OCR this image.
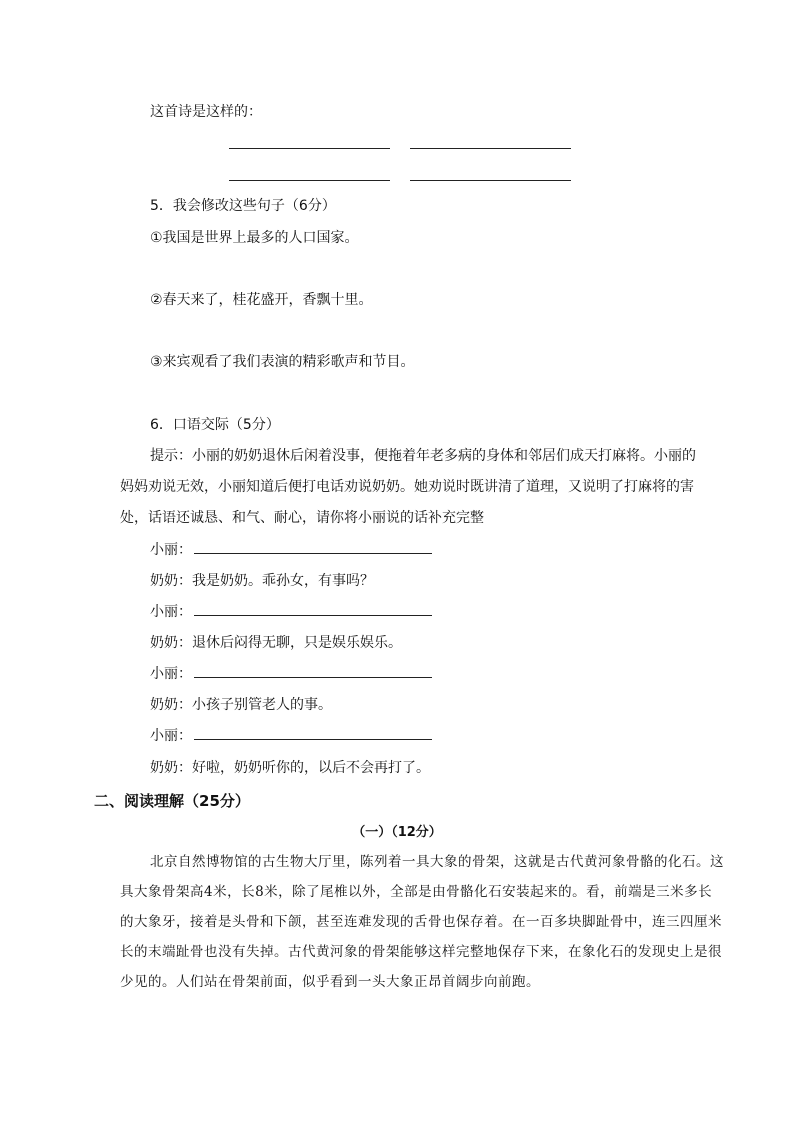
这首诗是这样的：
5．我会修改这些句子（6分）
①我国是世界上最多的人口国家。
②春天来了，桂花盛开，香飘十里。
③来宾观看了我们表演的精彩歌声和节目。
6．口语交际（5分）
提示：小丽的奶奶退休后闲着没事，便拖着年老多病的身体和邻居们成天打麻将。小丽的
妈妈劝说无效，小丽知道后便打电话劝说奶奶。她劝说时既讲清了道理，又说明了打麻将的害
处，话语还诚恳、和气、耐心，请你将小丽说的话补充完整
小丽：
奶奶：我是奶奶。乖孙女，有事吗？
小丽：
奶奶：退休后闷得无聊，只是娱乐娱乐。
小丽：
奶奶：小孩子别管老人的事。
小丽：
奶奶：好啦，奶奶听你的，以后不会再打了。
二、阅读理解（25分）
（一）（12分）
北京自然博物馆的古生物大厅里，陈列着一具大象的骨架，这就是古代黄河象骨骼的化石。这
具大象骨架高4米，长8米，除了尾椎以外，全部是由骨骼化石安装起来的。看，前端是三米多长
的大象牙，接着是头骨和下颌，甚至连难发现的舌骨也保存着。在一百多块脚趾骨中，连三四厘米
长的末端趾骨也没有失掉。古代黄河象的骨架能够这样完整地保存下来，在象化石的发现史上是很
少见的。人们站在骨架前面，似乎看到一头大象正昂首阔步向前跑。
